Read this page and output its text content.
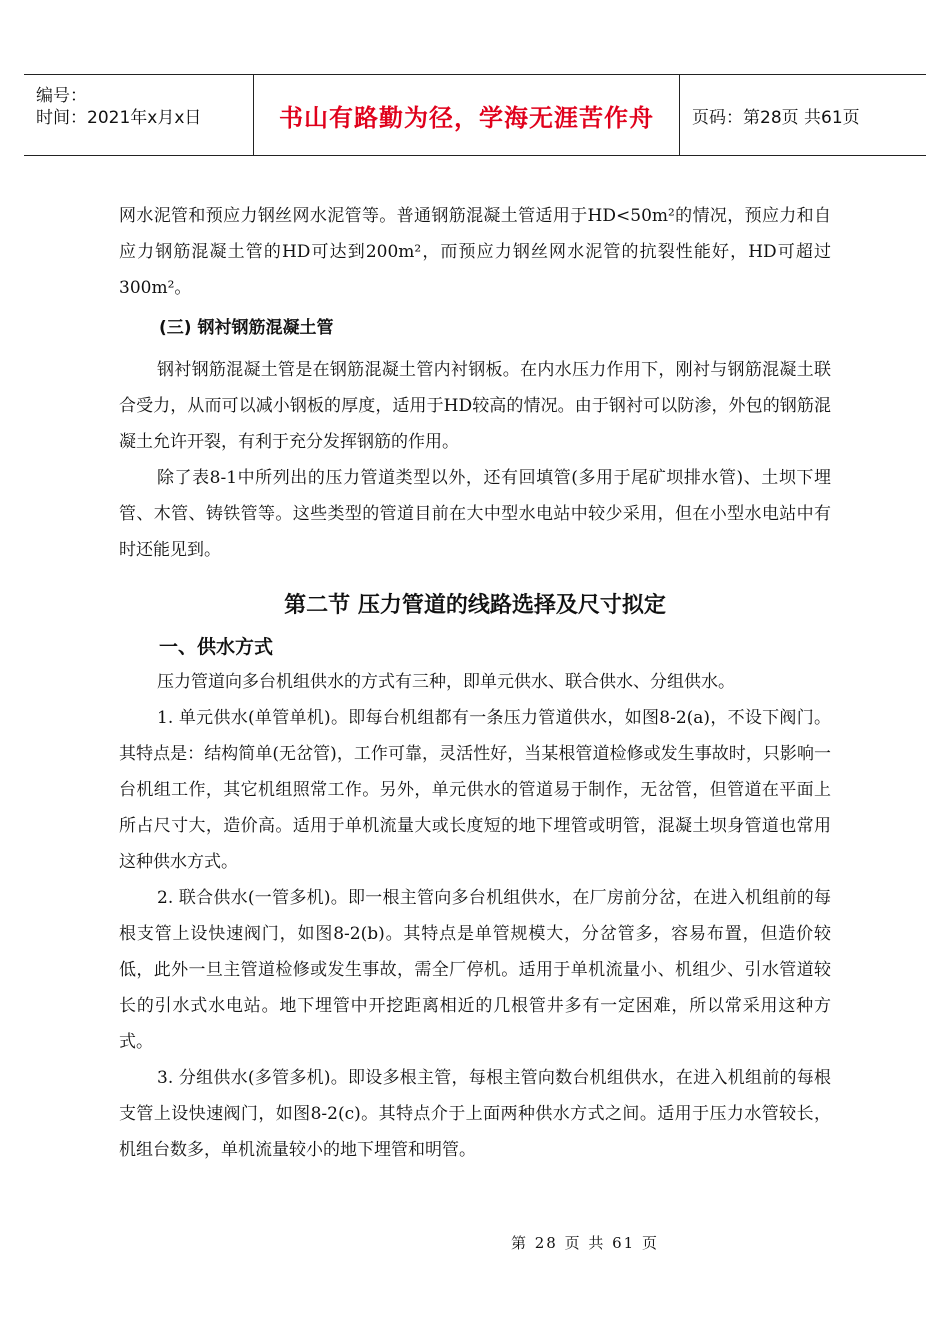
编号：
时间：2021年x月x日	书山有路勤为径，学海无涯苦作舟 页码：第28页 共61页

网水泥管和预应力钢丝网水泥管等。普通钢筋混凝土管适用于HD<50m²的情况，预应力和自应力钢筋混凝土管的HD可达到200m²，而预应力钢丝网水泥管的抗裂性能好，HD可超过300m²。

(三) 钢衬钢筋混凝土管

钢衬钢筋混凝土管是在钢筋混凝土管内衬钢板。在内水压力作用下，刚衬与钢筋混凝土联合受力，从而可以减小钢板的厚度，适用于HD较高的情况。由于钢衬可以防渗，外包的钢筋混凝土允许开裂，有利于充分发挥钢筋的作用。

除了表8-1中所列出的压力管道类型以外，还有回填管(多用于尾矿坝排水管)、土坝下埋管、木管、铸铁管等。这些类型的管道目前在大中型水电站中较少采用，但在小型水电站中有时还能见到。

第二节 压力管道的线路选择及尺寸拟定
一、供水方式

压力管道向多台机组供水的方式有三种，即单元供水、联合供水、分组供水。

1. 单元供水(单管单机)。即每台机组都有一条压力管道供水，如图8-2(a)，不设下阀门。其特点是：结构简单(无岔管)，工作可靠，灵活性好，当某根管道检修或发生事故时，只影响一台机组工作，其它机组照常工作。另外，单元供水的管道易于制作，无岔管，但管道在平面上所占尺寸大，造价高。适用于单机流量大或长度短的地下埋管或明管，混凝土坝身管道也常用这种供水方式。

2. 联合供水(一管多机)。即一根主管向多台机组供水，在厂房前分岔，在进入机组前的每根支管上设快速阀门，如图8-2(b)。其特点是单管规模大，分岔管多，容易布置，但造价较低，此外一旦主管道检修或发生事故，需全厂停机。适用于单机流量小、机组少、引水管道较长的引水式水电站。地下埋管中开挖距离相近的几根管井多有一定困难，所以常采用这种方式。

3. 分组供水(多管多机)。即设多根主管，每根主管向数台机组供水，在进入机组前的每根支管上设快速阀门，如图8-2(c)。其特点介于上面两种供水方式之间。适用于压力水管较长，机组台数多，单机流量较小的地下埋管和明管。

第 28 页 共 61 页
